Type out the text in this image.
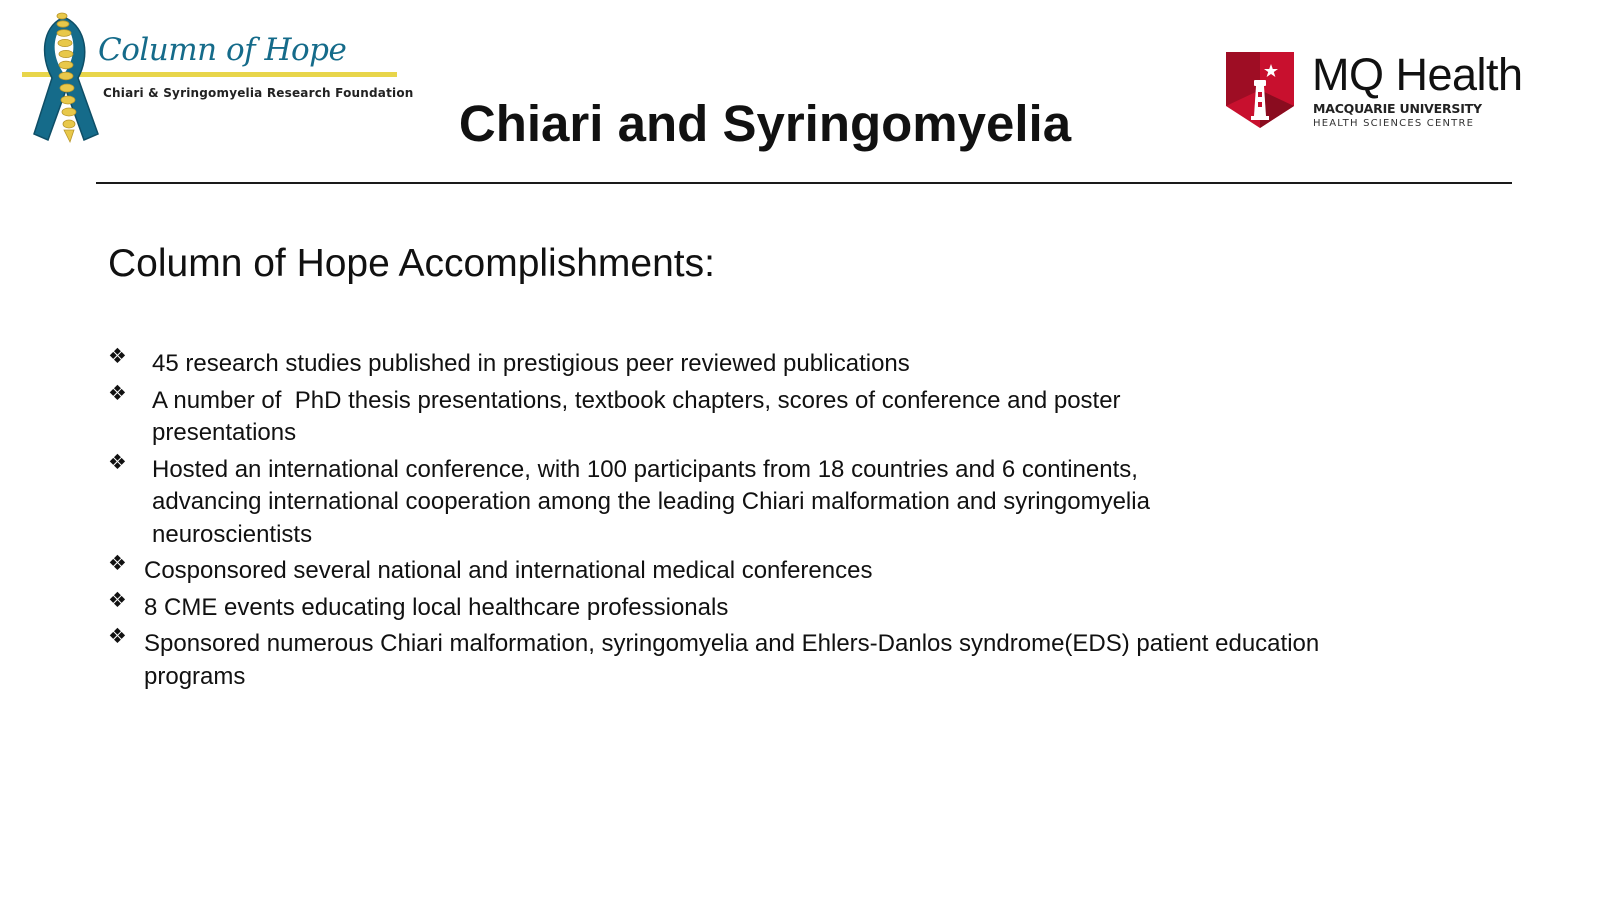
Column of Hope
Chiari & Syringomyelia Research Foundation	MQ Health
MACQUARIE UNIVERSITY
HEALTH SCIENCES CENTRE
Chiari and Syringomyelia
Column of Hope Accomplishments:
❖ 45 research studies published in prestigious peer reviewed publications
❖ A number of  PhD thesis presentations, textbook chapters, scores of conference and poster presentations
❖ Hosted an international conference, with 100 participants from 18 countries and 6 continents, advancing international cooperation among the leading Chiari malformation and syringomyelia neuroscientists
❖ Cosponsored several national and international medical conferences
❖ 8 CME events educating local healthcare professionals
❖ Sponsored numerous Chiari malformation, syringomyelia and Ehlers-Danlos syndrome(EDS) patient education programs
